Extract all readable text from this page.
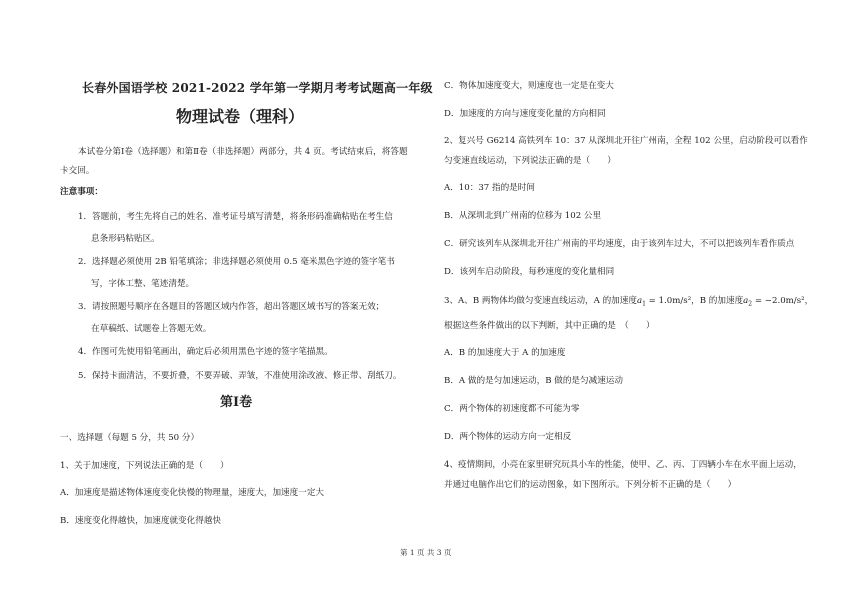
长春外国语学校 2021-2022 学年第一学期月考考试题高一年级
物理试卷（理科）
本试卷分第Ⅰ卷（选择题）和第Ⅱ卷（非选择题）两部分，共 4 页。考试结束后，将答题
卡交回。
注意事项：
1．答题前，考生先将自己的姓名、准考证号填写清楚，将条形码准确粘贴在考生信
息条形码粘贴区。
2．选择题必须使用 2B 铅笔填涂；非选择题必须使用 0.5 毫米黑色字迹的签字笔书
写，字体工整、笔迹清楚。
3．请按照题号顺序在各题目的答题区域内作答，超出答题区域书写的答案无效；
在草稿纸、试题卷上答题无效。
4．作图可先使用铅笔画出，确定后必须用黑色字迹的签字笔描黑。
5．保持卡面清洁，不要折叠，不要弄破、弄皱，不准使用涂改液、修正带、刮纸刀。
第Ⅰ卷
一、选择题（每题 5 分，共 50 分）
1、关于加速度，下列说法正确的是（　　）
A．加速度是描述物体速度变化快慢的物理量，速度大，加速度一定大
B．速度变化得越快，加速度就变化得越快
C．物体加速度变大，则速度也一定是在变大
D．加速度的方向与速度变化量的方向相同
2、复兴号 G6214 高铁列车 10：37 从深圳北开往广州南，全程 102 公里，启动阶段可以看作
匀变速直线运动，下列说法正确的是（　　）
A．10：37 指的是时间
B．从深圳北到广州南的位移为 102 公里
C．研究该列车从深圳北开往广州南的平均速度，由于该列车过大，不可以把该列车看作质点
D．该列车启动阶段，每秒速度的变化量相同
3、A、B 两物体均做匀变速直线运动，A 的加速度$a_1 = 1.0m/s^2$，B 的加速度$a_2 = -2.0m/s^2$，
根据这些条件做出的以下判断，其中正确的是　（　　）
A．B 的加速度大于 A 的加速度
B．A 做的是匀加速运动，B 做的是匀减速运动
C．两个物体的初速度都不可能为零
D．两个物体的运动方向一定相反
4、疫情期间，小亮在家里研究玩具小车的性能，使甲、乙、丙、丁四辆小车在水平面上运动，
并通过电脑作出它们的运动图象，如下图所示。下列分析不正确的是（　　）
第 1 页 共 3 页
